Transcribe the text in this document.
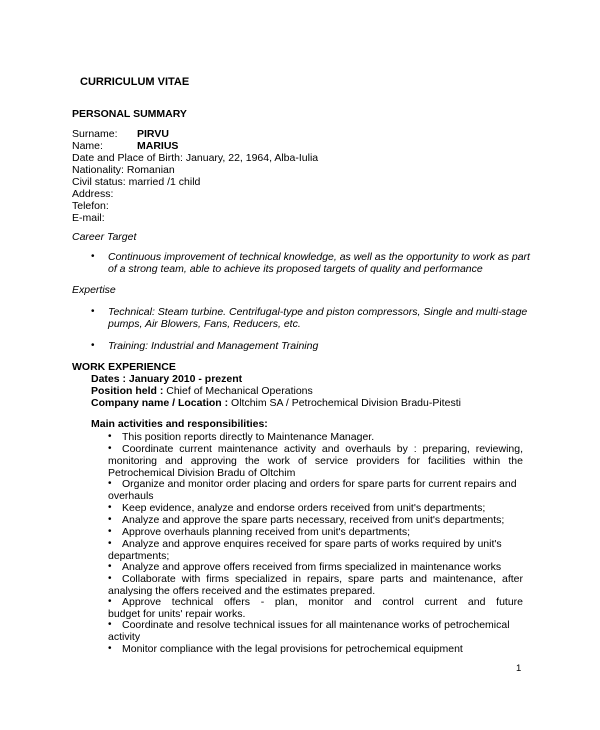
CURRICULUM VITAE
PERSONAL SUMMARY
Surname: PIRVU
Name:	MARIUS
Date and Place of Birth: January, 22, 1964, Alba-Iulia
Nationality: Romanian
Civil status: married /1 child
Address:
Telefon:
E-mail:
Career Target
• Continuous improvement of technical knowledge, as well as the opportunity to work as part
of a strong team, able to achieve its proposed targets of quality and performance
Expertise
• Technical: Steam turbine. Centrifugal-type and piston compressors, Single and multi-stage
pumps, Air Blowers, Fans, Reducers, etc.
• Training: Industrial and Management Training
WORK EXPERIENCE
Dates : January 2010 - prezent
Position held : Chief of Mechanical Operations
Company name / Location : Oltchim SA / Petrochemical Division Bradu-Pitesti
Main activities and responsibilities:
• This position reports directly to Maintenance Manager.
• Coordinate current maintenance activity and overhauls by : preparing, reviewing,
monitoring and approving the work of service providers for facilities within the
Petrochemical Division Bradu of Oltchim
• Organize and monitor order placing and orders for spare parts for current repairs and
overhauls
• Keep evidence, analyze and endorse orders received from unit's departments;
• Analyze and approve the spare parts necessary, received from unit's departments;
• Approve overhauls planning received from unit's departments;
• Analyze and approve enquires received for spare parts of works required by unit's
departments;
• Analyze and approve offers received from firms specialized in maintenance works
• Collaborate with firms specialized in repairs, spare parts and maintenance, after
analysing the offers received and the estimates prepared.
• Approve technical offers - plan, monitor and control current and future
budget for units' repair works.
• Coordinate and resolve technical issues for all maintenance works of petrochemical
activity
• Monitor compliance with the legal provisions for petrochemical equipment
1
